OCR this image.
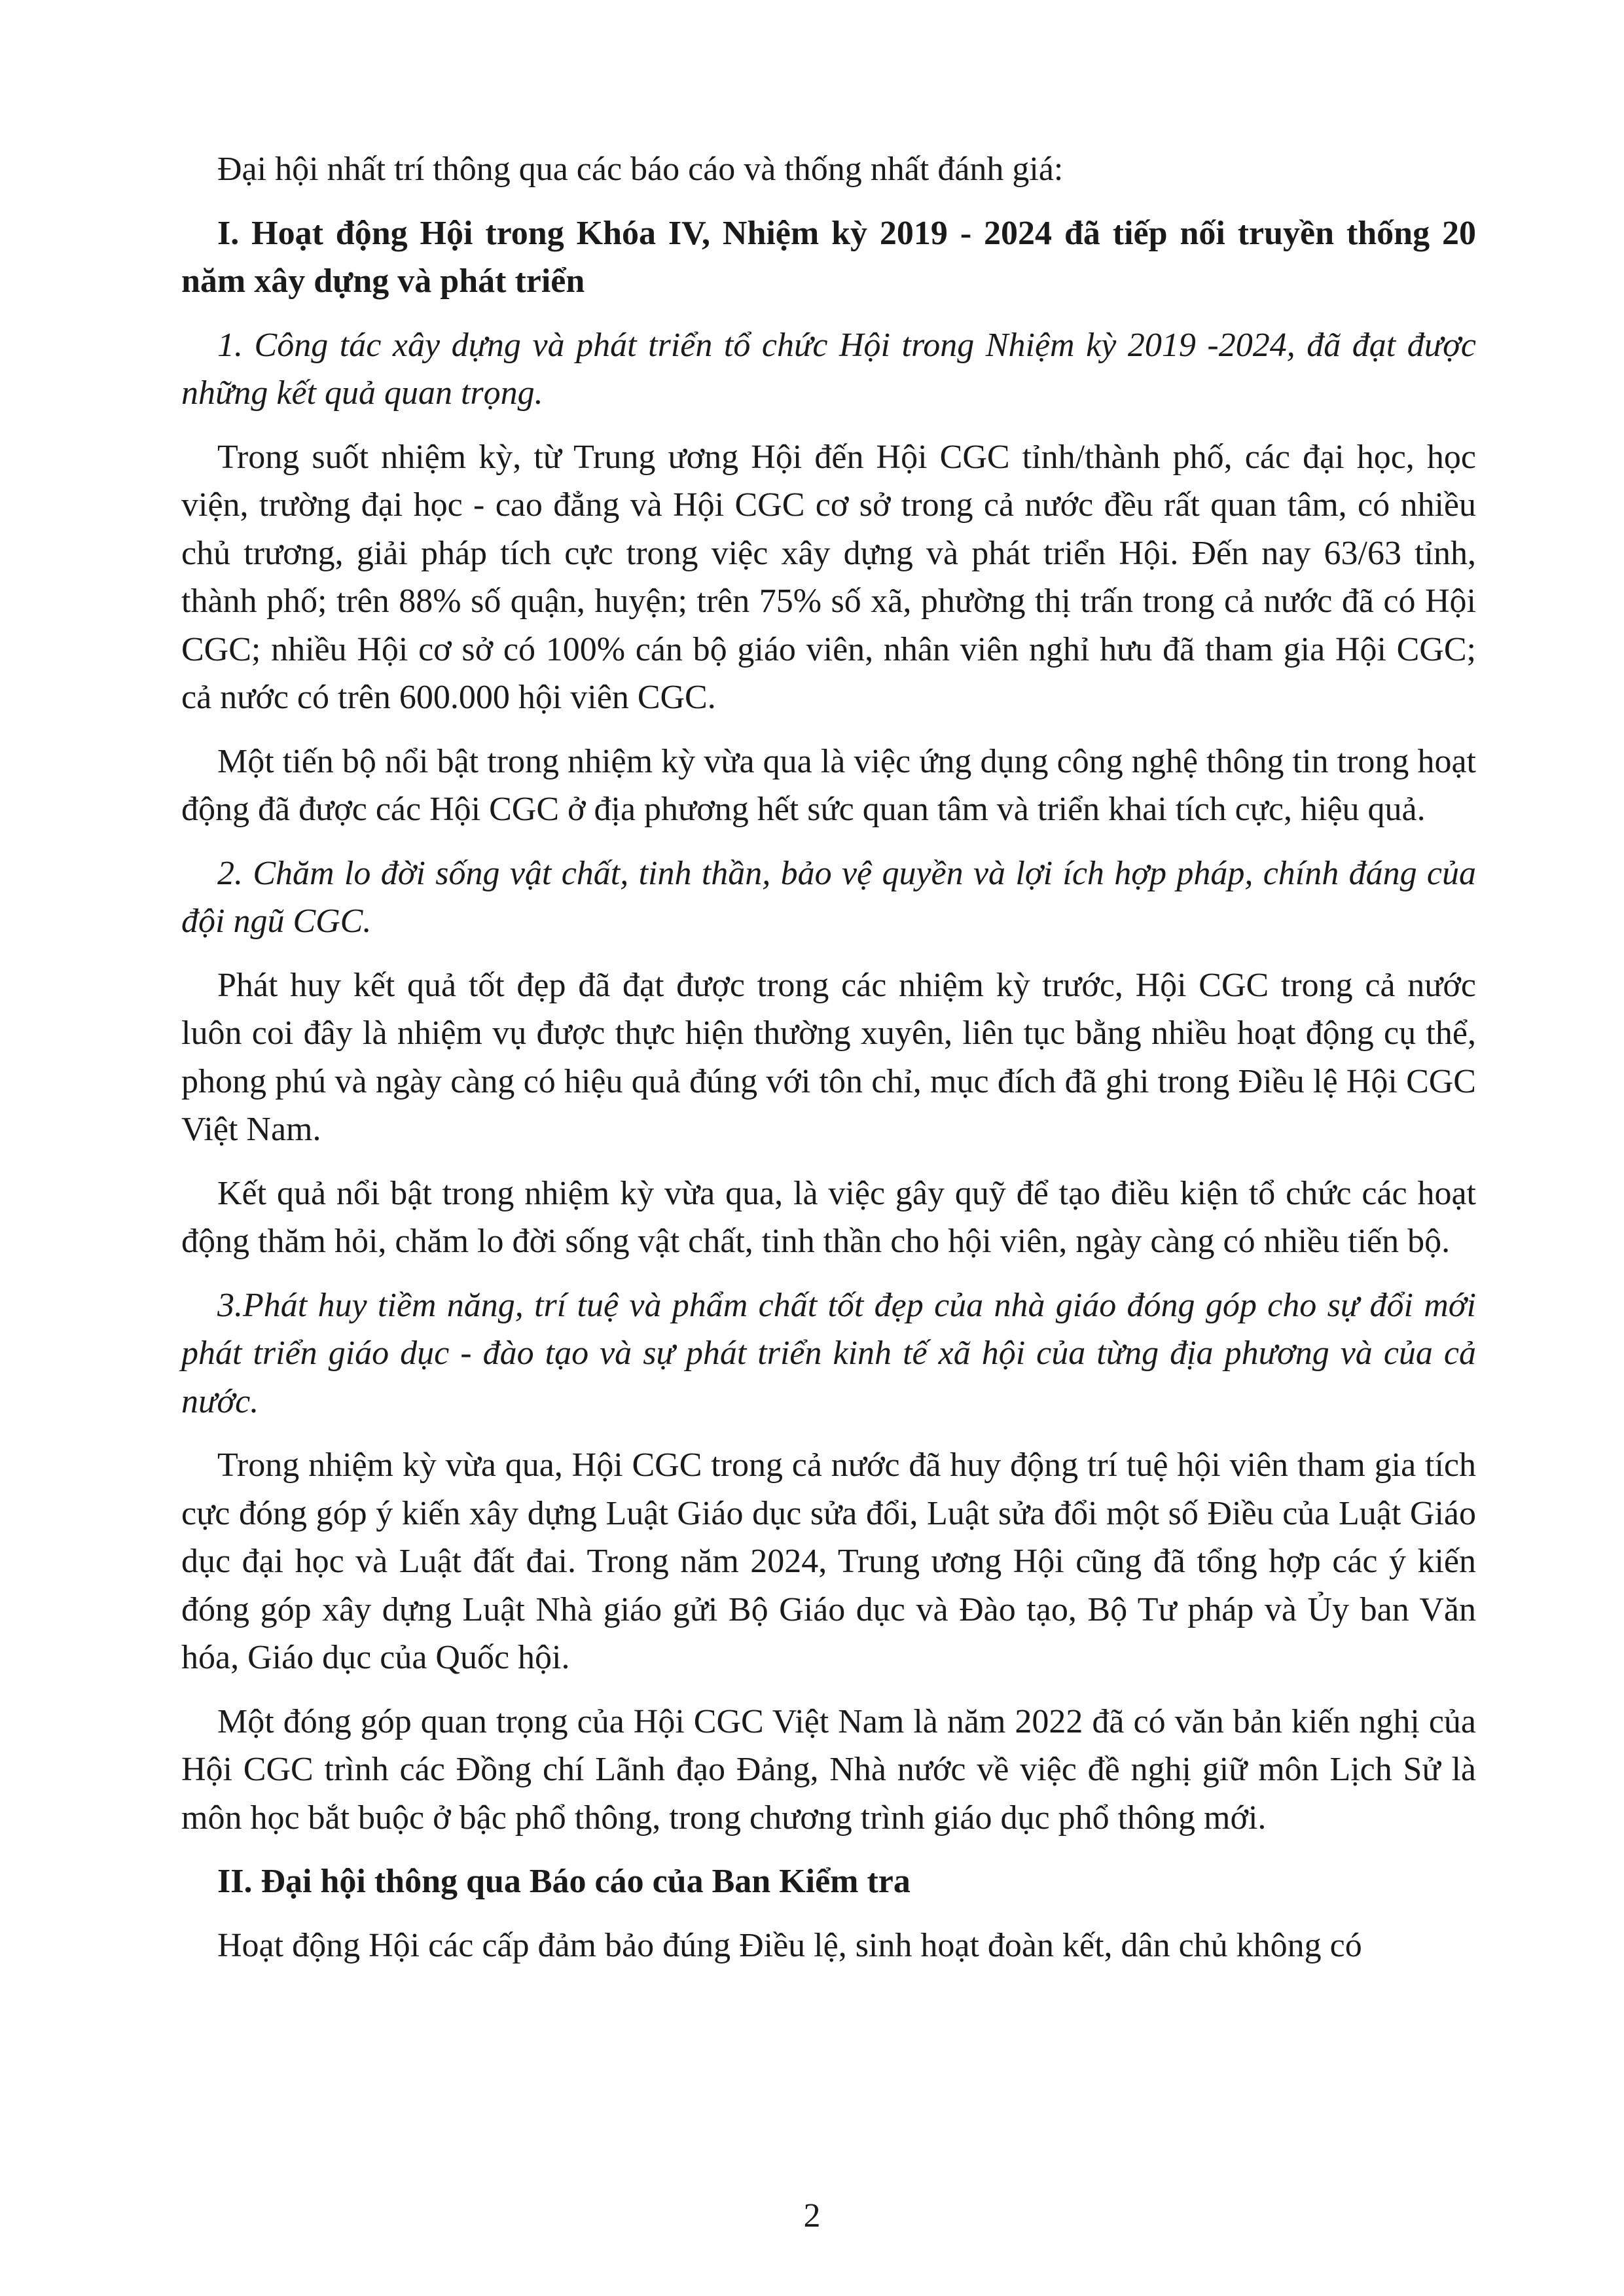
Đại hội nhất trí thông qua các báo cáo và thống nhất đánh giá:

I. Hoạt động Hội trong Khóa IV, Nhiệm kỳ 2019 - 2024 đã tiếp nối truyền thống 20 năm xây dựng và phát triển

1. Công tác xây dựng và phát triển tổ chức Hội trong Nhiệm kỳ 2019 -2024, đã đạt được những kết quả quan trọng.

Trong suốt nhiệm kỳ, từ Trung ương Hội đến Hội CGC tỉnh/thành phố, các đại học, học viện, trường đại học - cao đẳng và Hội CGC cơ sở trong cả nước đều rất quan tâm, có nhiều chủ trương, giải pháp tích cực trong việc xây dựng và phát triển Hội. Đến nay 63/63 tỉnh, thành phố; trên 88% số quận, huyện; trên 75% số xã, phường thị trấn trong cả nước đã có Hội CGC; nhiều Hội cơ sở có 100% cán bộ giáo viên, nhân viên nghỉ hưu đã tham gia Hội CGC; cả nước có trên 600.000 hội viên CGC.

Một tiến bộ nổi bật trong nhiệm kỳ vừa qua là việc ứng dụng công nghệ thông tin trong hoạt động đã được các Hội CGC ở địa phương hết sức quan tâm và triển khai tích cực, hiệu quả.

2. Chăm lo đời sống vật chất, tinh thần, bảo vệ quyền và lợi ích hợp pháp, chính đáng của đội ngũ CGC.

Phát huy kết quả tốt đẹp đã đạt được trong các nhiệm kỳ trước, Hội CGC trong cả nước luôn coi đây là nhiệm vụ được thực hiện thường xuyên, liên tục bằng nhiều hoạt động cụ thể, phong phú và ngày càng có hiệu quả đúng với tôn chỉ, mục đích đã ghi trong Điều lệ Hội CGC Việt Nam.

Kết quả nổi bật trong nhiệm kỳ vừa qua, là việc gây quỹ để tạo điều kiện tổ chức các hoạt động thăm hỏi, chăm lo đời sống vật chất, tinh thần cho hội viên, ngày càng có nhiều tiến bộ.

3.Phát huy tiềm năng, trí tuệ và phẩm chất tốt đẹp của nhà giáo đóng góp cho sự đổi mới phát triển giáo dục - đào tạo và sự phát triển kinh tế xã hội của từng địa phương và của cả nước.

Trong nhiệm kỳ vừa qua, Hội CGC trong cả nước đã huy động trí tuệ hội viên tham gia tích cực đóng góp ý kiến xây dựng Luật Giáo dục sửa đổi, Luật sửa đổi một số Điều của Luật Giáo dục đại học và Luật đất đai. Trong năm 2024, Trung ương Hội cũng đã tổng hợp các ý kiến đóng góp xây dựng Luật Nhà giáo gửi Bộ Giáo dục và Đào tạo, Bộ Tư pháp và Ủy ban Văn hóa, Giáo dục của Quốc hội.

Một đóng góp quan trọng của Hội CGC Việt Nam là năm 2022 đã có văn bản kiến nghị của Hội CGC trình các Đồng chí Lãnh đạo Đảng, Nhà nước về việc đề nghị giữ môn Lịch Sử là môn học bắt buộc ở bậc phổ thông, trong chương trình giáo dục phổ thông mới.

II. Đại hội thông qua Báo cáo của Ban Kiểm tra

Hoạt động Hội các cấp đảm bảo đúng Điều lệ, sinh hoạt đoàn kết, dân chủ không có

2
